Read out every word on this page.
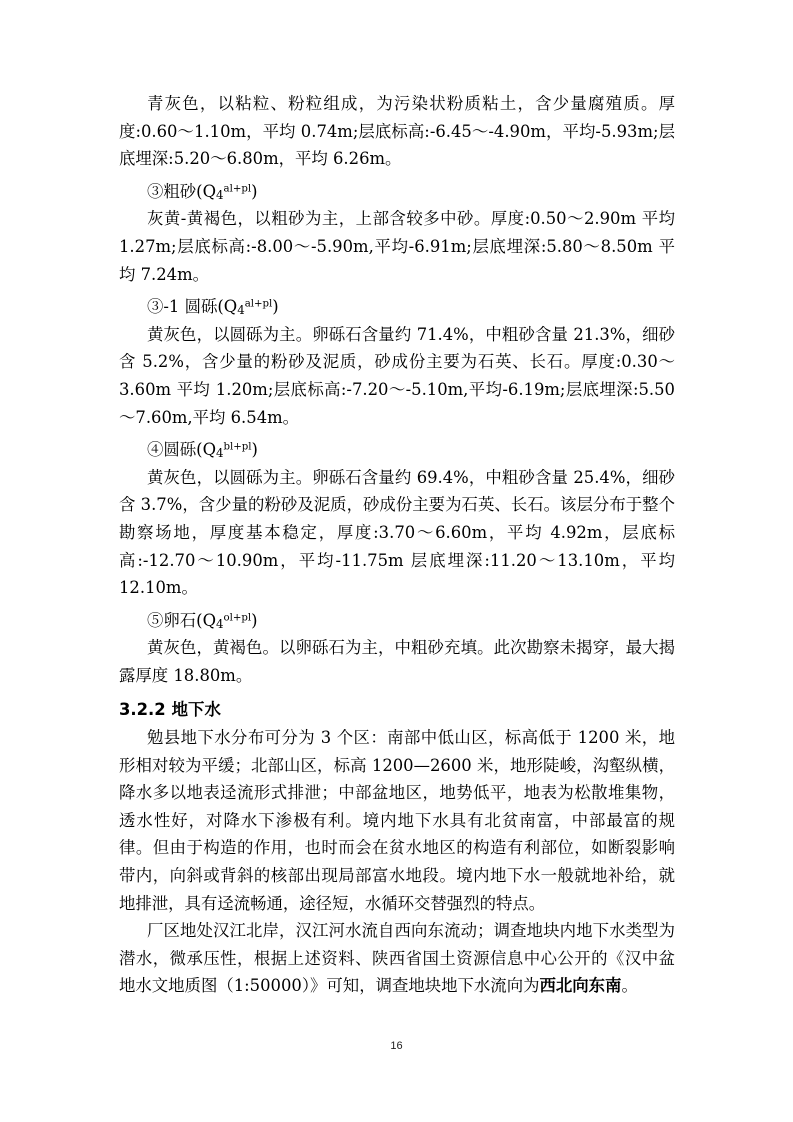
青灰色，以粘粒、粉粒组成，为污染状粉质粘土，含少量腐殖质。厚度:0.60～1.10m，平均 0.74m;层底标高:-6.45～-4.90m，平均-5.93m;层底埋深:5.20～6.80m，平均 6.26m。

③粗砂$(Q_4^{al+pl})$

灰黄-黄褐色，以粗砂为主，上部含较多中砂。厚度:0.50～2.90m 平均 1.27m;层底标高:-8.00～-5.90m,平均-6.91m;层底埋深:5.80～8.50m 平均 7.24m。

③-1 圆砾$(Q_4^{al+pl})$

黄灰色，以圆砾为主。卵砾石含量约 71.4%，中粗砂含量 21.3%，细砂含 5.2%，含少量的粉砂及泥质，砂成份主要为石英、长石。厚度:0.30～3.60m 平均 1.20m;层底标高:-7.20～-5.10m,平均-6.19m;层底埋深:5.50～7.60m,平均 6.54m。

④圆砾$(Q_4^{bl+pl})$

黄灰色，以圆砾为主。卵砾石含量约 69.4%，中粗砂含量 25.4%，细砂含 3.7%，含少量的粉砂及泥质，砂成份主要为石英、长石。该层分布于整个勘察场地，厚度基本稳定，厚度:3.70～6.60m，平均 4.92m，层底标高:-12.70～10.90m，平均-11.75m 层底埋深:11.20～13.10m，平均 12.10m。

⑤卵石$(Q_4^{ol+pl})$

黄灰色，黄褐色。以卵砾石为主，中粗砂充填。此次勘察未揭穿，最大揭露厚度 18.80m。

3.2.2 地下水

勉县地下水分布可分为 3 个区：南部中低山区，标高低于 1200 米，地形相对较为平缓；北部山区，标高 1200—2600 米，地形陡峻，沟壑纵横，降水多以地表迳流形式排泄；中部盆地区，地势低平，地表为松散堆集物，透水性好，对降水下渗极有利。境内地下水具有北贫南富，中部最富的规律。但由于构造的作用，也时而会在贫水地区的构造有利部位，如断裂影响带内，向斜或背斜的核部出现局部富水地段。境内地下水一般就地补给，就地排泄，具有迳流畅通，途径短，水循环交替强烈的特点。

厂区地处汉江北岸，汉江河水流自西向东流动；调查地块内地下水类型为潜水，微承压性，根据上述资料、陕西省国土资源信息中心公开的《汉中盆地水文地质图（1:50000）》可知，调查地块地下水流向为西北向东南。

16
